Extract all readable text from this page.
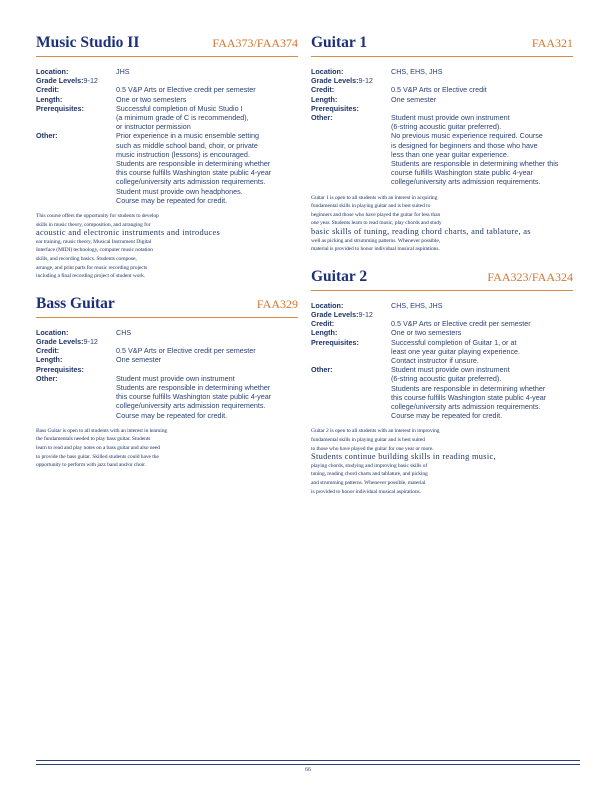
Music Studio II	FAA373/FAA374
Location:	JHS
Grade Levels:9-12
Credit:	0.5 V&P Arts or Elective credit per semester
Length:	One or two semesters
Prerequisites:	Successful completion of Music Studio I
(a minimum grade of C is recommended),
or instructor permission
Other:	Prior experience in a music ensemble setting
such as middle school band, choir, or private
music instruction (lessons) is encouraged.
Students are responsible in determining whether
this course fulfills Washington state public 4-year
college/university arts admission requirements.
Student must provide own headphones.
Course may be repeated for credit.
This course offers the opportunity for students to develop
skills in music theory, composition, and arranging for
acoustic and electronic instruments and introduces
ear training, music theory, Musical Instrument Digital
Interface (MIDI) technology, computer music notation
skills, and recording basics. Students compose,
arrange, and print parts for music recording projects
including a final recording project of student work.
Bass Guitar	FAA329
Location:	CHS
Grade Levels:9-12
Credit:	0.5 V&P Arts or Elective credit per semester
Length:	One semester
Prerequisites:
Other:	Student must provide own instrument
Students are responsible in determining whether
this course fulfills Washington state public 4-year
college/university arts admission requirements.
Course may be repeated for credit.
Bass Guitar is open to all students with an interest in learning
the fundamentals needed to play bass guitar. Students
learn to read and play notes on a bass guitar and also need
to provide the bass guitar. Skilled students could have the
opportunity to perform with jazz band and/or choir.
Guitar 1	FAA321
Location:	CHS, EHS, JHS
Grade Levels:9-12
Credit:	0.5 V&P Arts or Elective credit
Length:	One semester
Prerequisites:
Other:	Student must provide own instrument
(6-string acoustic guitar preferred).
No previous music experience required. Course
is designed for beginners and those who have
less than one year guitar experience.
Students are responsible in determining whether this
course fulfills Washington state public 4-year
college/university arts admission requirements.
Guitar 1 is open to all students with an interest in acquiring
fundamental skills in playing guitar and is best suited to
beginners and those who have played the guitar for less than
one year. Students learn to read music, play chords and study
basic skills of tuning, reading chord charts, and tablature, as
well as picking and strumming patterns. Whenever possible,
material is provided to honor individual musical aspirations.
Guitar 2	FAA323/FAA324
Location:	CHS, EHS, JHS
Grade Levels:9-12
Credit:	0.5 V&P Arts or Elective credit per semester
Length:	One or two semesters
Prerequisites:	Successful completion of Guitar 1, or at
least one year guitar playing experience.
Contact instructor if unsure.
Other:	Student must provide own instrument
(6-string acoustic guitar preferred).
Students are responsible in determining whether
this course fulfills Washington state public 4-year
college/university arts admission requirements.
Course may be repeated for credit.
Guitar 2 is open to all students with an interest in improving
fundamental skills in playing guitar and is best suited
to those who have played the guitar for one year or more.
Students continue building skills in reading music,
playing chords, studying and improving basic skills of
tuning, reading chord charts and tablature, and picking
and strumming patterns. Whenever possible, material
is provided to honor individual musical aspirations.
66
